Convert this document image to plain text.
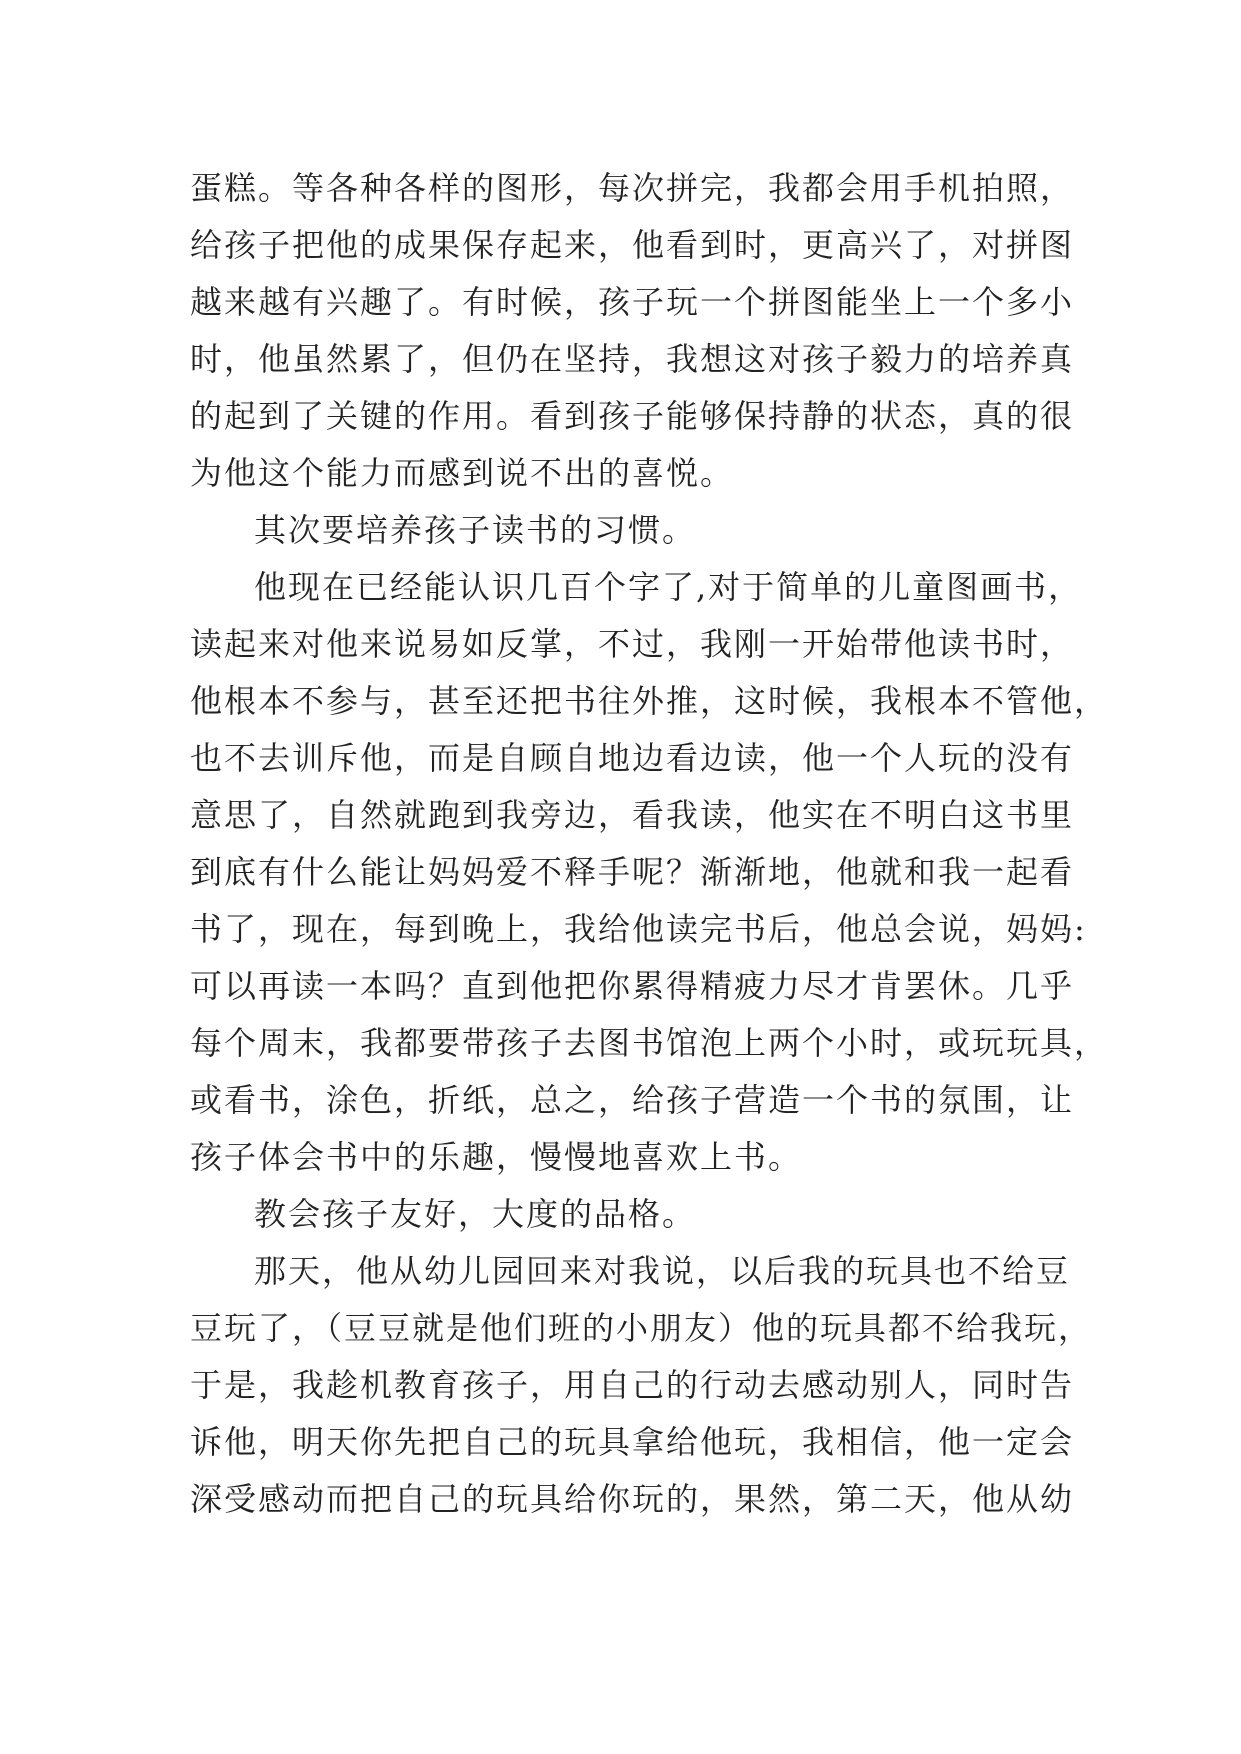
蛋糕。等各种各样的图形，每次拼完，我都会用手机拍照，
给孩子把他的成果保存起来，他看到时，更高兴了，对拼图
越来越有兴趣了。有时候，孩子玩一个拼图能坐上一个多小
时，他虽然累了，但仍在坚持，我想这对孩子毅力的培养真
的起到了关键的作用。看到孩子能够保持静的状态，真的很
为他这个能力而感到说不出的喜悦。
其次要培养孩子读书的习惯。
他现在已经能认识几百个字了,对于简单的儿童图画书，
读起来对他来说易如反掌，不过，我刚一开始带他读书时，
他根本不参与，甚至还把书往外推，这时候，我根本不管他，
也不去训斥他，而是自顾自地边看边读，他一个人玩的没有
意思了，自然就跑到我旁边，看我读，他实在不明白这书里
到底有什么能让妈妈爱不释手呢？渐渐地，他就和我一起看
书了，现在，每到晚上，我给他读完书后，他总会说，妈妈:
可以再读一本吗？直到他把你累得精疲力尽才肯罢休。几乎
每个周末，我都要带孩子去图书馆泡上两个小时，或玩玩具，
或看书，涂色，折纸，总之，给孩子营造一个书的氛围，让
孩子体会书中的乐趣，慢慢地喜欢上书。
教会孩子友好，大度的品格。
那天，他从幼儿园回来对我说，以后我的玩具也不给豆
豆玩了，（豆豆就是他们班的小朋友）他的玩具都不给我玩，
于是，我趁机教育孩子，用自己的行动去感动别人，同时告
诉他，明天你先把自己的玩具拿给他玩，我相信，他一定会
深受感动而把自己的玩具给你玩的，果然，第二天，他从幼
